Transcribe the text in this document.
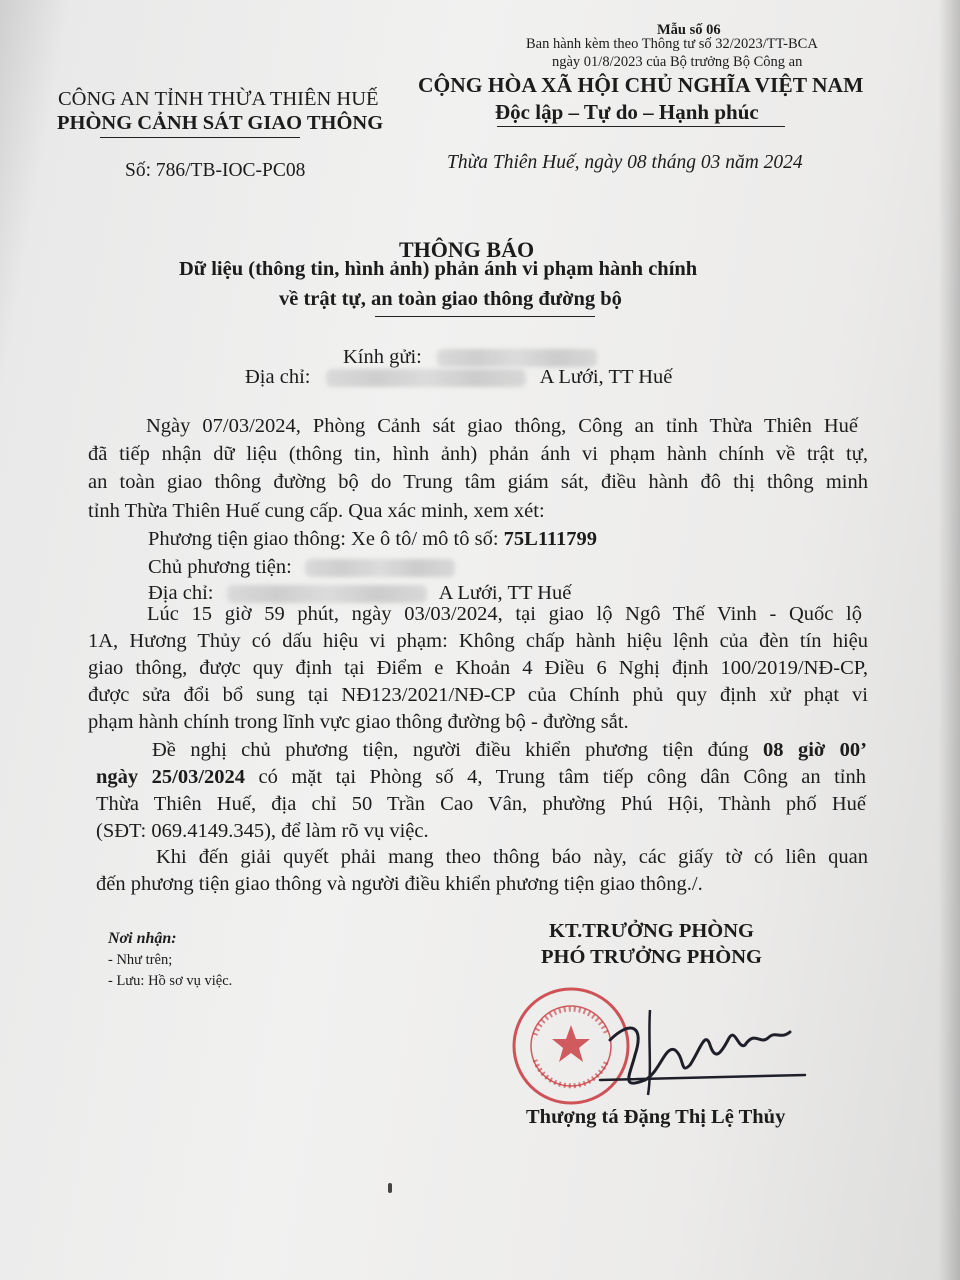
Mẫu số 06
Ban hành kèm theo Thông tư số 32/2023/TT-BCA
ngày 01/8/2023 của Bộ trưởng Bộ Công an
CÔNG AN TỈNH THỪA THIÊN HUẾ
PHÒNG CẢNH SÁT GIAO THÔNG
CỘNG HÒA XÃ HỘI CHỦ NGHĨA VIỆT NAM
Độc lập – Tự do – Hạnh phúc
Số: 786/TB-IOC-PC08	Thừa Thiên Huế, ngày 08 tháng 03 năm 2024
THÔNG BÁO
Dữ liệu (thông tin, hình ảnh) phản ánh vi phạm hành chính
về trật tự, an toàn giao thông đường bộ
Kính gửi:
Địa chỉ:	A Lưới, TT Huế
Ngày 07/03/2024, Phòng Cảnh sát giao thông, Công an tỉnh Thừa Thiên Huế
đã tiếp nhận dữ liệu (thông tin, hình ảnh) phản ánh vi phạm hành chính về trật tự,
an toàn giao thông đường bộ do Trung tâm giám sát, điều hành đô thị thông minh
tỉnh Thừa Thiên Huế cung cấp. Qua xác minh, xem xét:
Phương tiện giao thông: Xe ô tô/ mô tô số: 75L111799
Chủ phương tiện:
Địa chỉ:	A Lưới, TT Huế
Lúc 15 giờ 59 phút, ngày 03/03/2024, tại giao lộ Ngô Thế Vinh - Quốc lộ
1A, Hương Thủy có dấu hiệu vi phạm: Không chấp hành hiệu lệnh của đèn tín hiệu
giao thông, được quy định tại Điểm e Khoản 4 Điều 6 Nghị định 100/2019/NĐ-CP,
được sửa đổi bổ sung tại NĐ123/2021/NĐ-CP của Chính phủ quy định xử phạt vi
phạm hành chính trong lĩnh vực giao thông đường bộ - đường sắt.
Đề nghị chủ phương tiện, người điều khiển phương tiện đúng 08 giờ 00’
ngày 25/03/2024 có mặt tại Phòng số 4, Trung tâm tiếp công dân Công an tỉnh
Thừa Thiên Huế, địa chỉ 50 Trần Cao Vân, phường Phú Hội, Thành phố Huế
(SĐT: 069.4149.345), để làm rõ vụ việc.
Khi đến giải quyết phải mang theo thông báo này, các giấy tờ có liên quan
đến phương tiện giao thông và người điều khiển phương tiện giao thông./.
Nơi nhận:
- Như trên;
- Lưu: Hồ sơ vụ việc.
KT.TRƯỞNG PHÒNG
PHÓ TRƯỞNG PHÒNG
Thượng tá Đặng Thị Lệ Thủy
